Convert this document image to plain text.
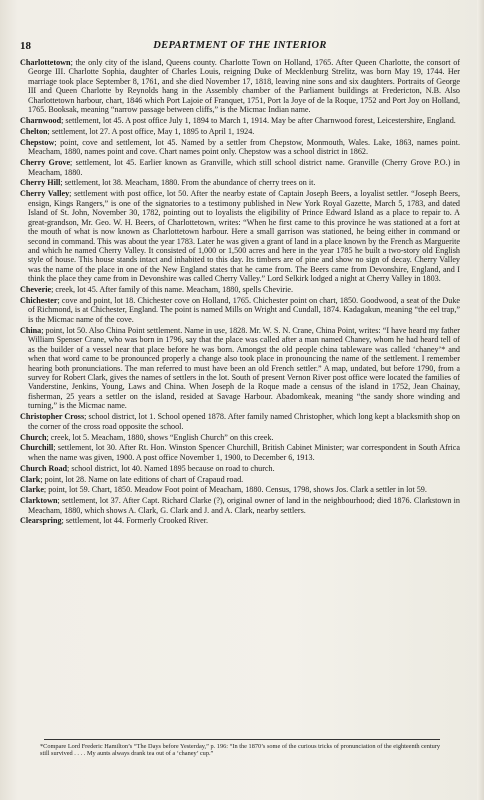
18	DEPARTMENT OF THE INTERIOR

Charlottetown; the only city of the island, Queens county. Charlotte Town on Holland, 1765. After Queen Charlotte, the consort of George III. Charlotte Sophia, daughter of Charles Louis, reigning Duke of Mecklenburg Strelitz, was born May 19, 1744. Her marriage took place September 8, 1761, and she died November 17, 1818, leaving nine sons and six daughters. Portraits of George III and Queen Charlotte by Reynolds hang in the Assembly chamber of the Parliament buildings at Fredericton, N.B. Also Charlottetown harbour, chart, 1846 which Port Lajoie of Franquet, 1751, Port la Joye of de la Roque, 1752 and Port Joy on Holland, 1765. Booksak, meaning “narrow passage between cliffs,” is the Micmac Indian name.

Charnwood; settlement, lot 45. A post office July 1, 1894 to March 1, 1914. May be after Charnwood forest, Leicestershire, England.

Chelton; settlement, lot 27. A post office, May 1, 1895 to April 1, 1924.

Chepstow; point, cove and settlement, lot 45. Named by a settler from Chepstow, Monmouth, Wales. Lake, 1863, names point. Meacham, 1880, names point and cove. Chart names point only. Chepstow was a school district in 1862.

Cherry Grove; settlement, lot 45. Earlier known as Granville, which still school district name. Granville (Cherry Grove P.O.) in Meacham, 1880.

Cherry Hill; settlement, lot 38. Meacham, 1880. From the abundance of cherry trees on it.

Cherry Valley; settlement with post office, lot 50. After the nearby estate of Captain Joseph Beers, a loyalist settler. “Joseph Beers, ensign, Kings Rangers,” is one of the signatories to a testimony published in New York Royal Gazette, March 5, 1783, and dated Island of St. John, November 30, 1782, pointing out to loyalists the eligibility of Prince Edward Island as a place to repair to. A great-grandson, Mr. Geo. W. H. Beers, of Charlottetown, writes: “When he first came to this province he was stationed at a fort at the mouth of what is now known as Charlottetown harbour. Here a small garrison was stationed, he being either in command or second in command. This was about the year 1783. Later he was given a grant of land in a place known by the French as Marguerite and which he named Cherry Valley. It consisted of 1,000 or 1,500 acres and here in the year 1785 he built a two-story old English style of house. This house stands intact and inhabited to this day. Its timbers are of pine and show no sign of decay. Cherry Valley was the name of the place in one of the New England states that he came from. The Beers came from Devonshire, England, and I think the place they came from in Devonshire was called Cherry Valley.” Lord Selkirk lodged a night at Cherry Valley in 1803.

Cheverie; creek, lot 45. After family of this name. Meacham, 1880, spells Chevirie.

Chichester; cove and point, lot 18. Chichester cove on Holland, 1765. Chichester point on chart, 1850. Goodwood, a seat of the Duke of Richmond, is at Chichester, England. The point is named Mills on Wright and Cundall, 1874. Kadagakun, meaning “the eel trap,” is the Micmac name of the cove.

China; point, lot 50. Also China Point settlement. Name in use, 1828. Mr. W. S. N. Crane, China Point, writes: “I have heard my father William Spenser Crane, who was born in 1796, say that the place was called after a man named Chaney, whom he had heard tell of as the builder of a vessel near that place before he was born. Amongst the old people china tableware was called ‘chaney’* and when that word came to be pronounced properly a change also took place in pronouncing the name of the settlement. I remember hearing both pronunciations. The man referred to must have been an old French settler.” A map, undated, but before 1790, from a survey for Robert Clark, gives the names of settlers in the lot. South of present Vernon River post office were located the families of Vanderstine, Jenkins, Young, Laws and China. When Joseph de la Roque made a census of the island in 1752, Jean Chainay, fisherman, 25 years a settler on the island, resided at Savage Harbour. Abadomkeak, meaning “the sandy shore winding and turning,” is the Micmac name.

Christopher Cross; school district, lot 1. School opened 1878. After family named Christopher, which long kept a blacksmith shop on the corner of the cross road opposite the school.

Church; creek, lot 5. Meacham, 1880, shows “English Church” on this creek.

Churchill; settlement, lot 30. After Rt. Hon. Winston Spencer Churchill, British Cabinet Minister; war correspondent in South Africa when the name was given, 1900. A post office November 1, 1900, to December 6, 1913.

Church Road; school district, lot 40. Named 1895 because on road to church.

Clark; point, lot 28. Name on late editions of chart of Crapaud road.

Clarke; point, lot 59. Chart, 1850. Meadow Foot point of Meacham, 1880. Census, 1798, shows Jos. Clark a settler in lot 59.

Clarktown; settlement, lot 37. After Capt. Richard Clarke (?), original owner of land in the neighbourhood; died 1876. Clarkstown in Meacham, 1880, which shows A. Clark, G. Clark and J. and A. Clark, nearby settlers.

Clearspring; settlement, lot 44. Formerly Crooked River.

*Compare Lord Frederic Hamilton’s “The Days before Yesterday,” p. 196: “In the 1870’s some of the curious tricks of pronunciation of the eighteenth century still survived . . . . My aunts always drank tea out of a ‘chaney’ cup.”
